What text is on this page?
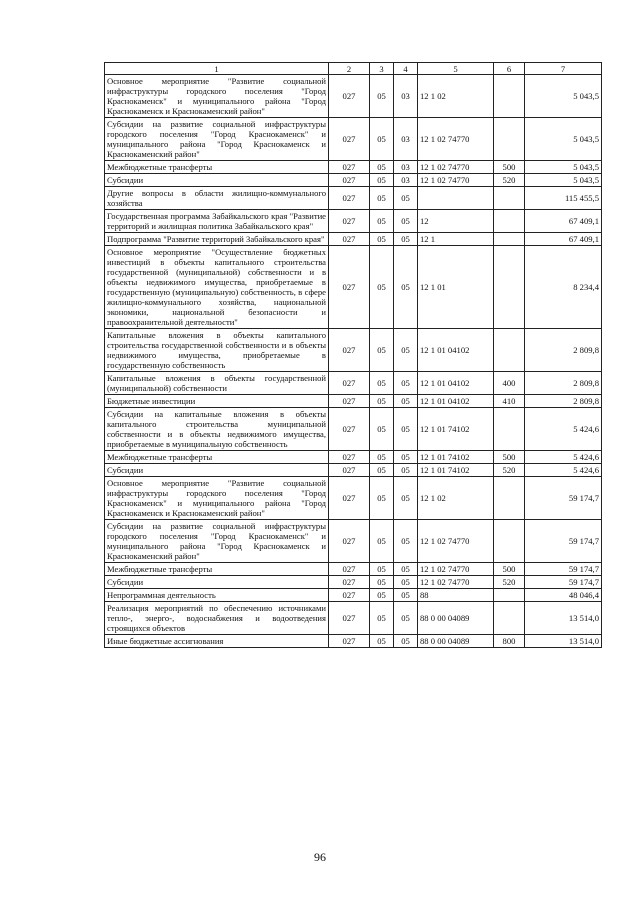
1	2	3	4	5	6	7
Основное мероприятие "Развитие социальной инфраструктуры городского поселения "Город Краснокаменск" и муниципального района "Город Краснокаменск и Краснокаменский район"	027	05	03	12 1 02		5 043,5
Субсидии на развитие социальной инфраструктуры городского поселения "Город Краснокаменск" и муниципального района "Город Краснокаменск и Краснокаменский район"	027	05	03	12 1 02 74770		5 043,5
Межбюджетные трансферты	027	05	03	12 1 02 74770	500	5 043,5
Субсидии	027	05	03	12 1 02 74770	520	5 043,5
Другие вопросы в области жилищно-коммунального хозяйства	027	05	05			115 455,5
Государственная программа Забайкальского края "Развитие территорий и жилищная политика Забайкальского края"	027	05	05	12		67 409,1
Подпрограмма "Развитие территорий Забайкальского края"	027	05	05	12 1		67 409,1
Основное мероприятие "Осуществление бюджетных инвестиций в объекты капитального строительства государственной (муниципальной) собственности и в объекты недвижимого имущества, приобретаемые в государственную (муниципальную) собственность, в сфере жилищно-коммунального хозяйства, национальной экономики, национальной безопасности и правоохранительной деятельности"	027	05	05	12 1 01		8 234,4
Капитальные вложения в объекты капитального строительства государственной собственности и в объекты недвижимого имущества, приобретаемые в государственную собственность	027	05	05	12 1 01 04102		2 809,8
Капитальные вложения в объекты государственной (муниципальной) собственности	027	05	05	12 1 01 04102	400	2 809,8
Бюджетные инвестиции	027	05	05	12 1 01 04102	410	2 809,8
Субсидии на капитальные вложения в объекты капитального строительства муниципальной собственности и в объекты недвижимого имущества, приобретаемые в муниципальную собственность	027	05	05	12 1 01 74102		5 424,6
Межбюджетные трансферты	027	05	05	12 1 01 74102	500	5 424,6
Субсидии	027	05	05	12 1 01 74102	520	5 424,6
Основное мероприятие "Развитие социальной инфраструктуры городского поселения "Город Краснокаменск" и муниципального района "Город Краснокаменск и Краснокаменский район"	027	05	05	12 1 02		59 174,7
Субсидии на развитие социальной инфраструктуры городского поселения "Город Краснокаменск" и муниципального района "Город Краснокаменск и Краснокаменский район"	027	05	05	12 1 02 74770		59 174,7
Межбюджетные трансферты	027	05	05	12 1 02 74770	500	59 174,7
Субсидии	027	05	05	12 1 02 74770	520	59 174,7
Непрограммная деятельность	027	05	05	88		48 046,4
Реализация мероприятий по обеспечению источниками тепло-, энерго-, водоснабжения и водоотведения строящихся объектов	027	05	05	88 0 00 04089		13 514,0
Иные бюджетные ассигнования	027	05	05	88 0 00 04089	800	13 514,0
96
